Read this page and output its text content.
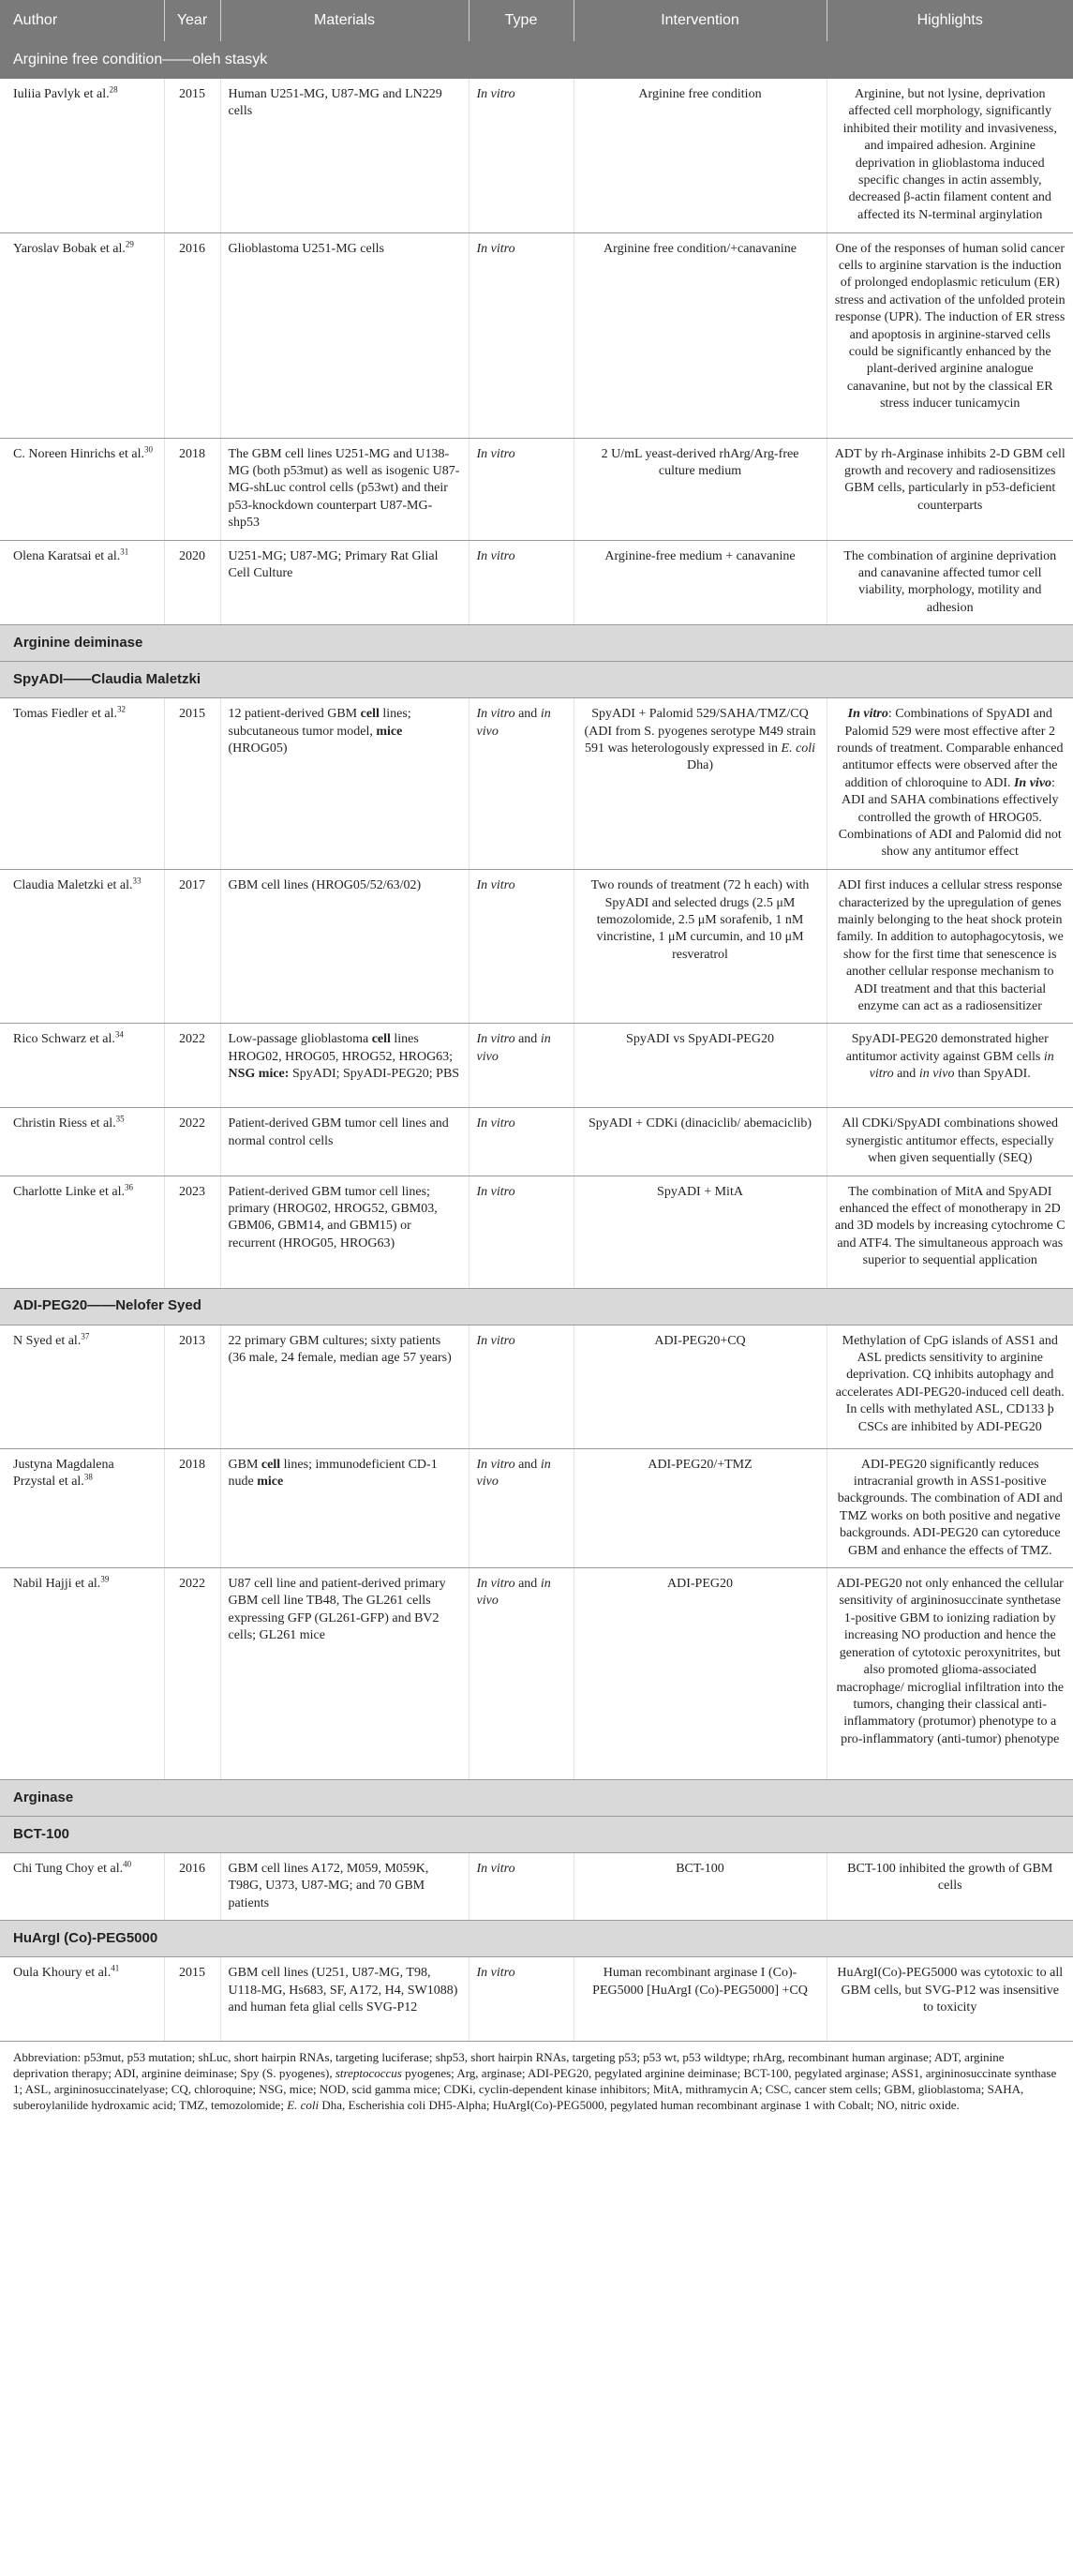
Author	Year	Materials	Type	Intervention	Highlights
Arginine free condition——oleh stasyk					
Iuliia Pavlyk et al.$^{28}$	2015	Human U251-MG, U87-MG and LN229 cells	In vitro	Arginine free condition	Arginine, but not lysine, deprivation affected cell morphology, significantly inhibited their motility and invasiveness, and impaired adhesion. Arginine deprivation in glioblastoma induced specific changes in actin assembly, decreased β-actin filament content and affected its N-terminal arginylation
Yaroslav Bobak et al.$^{29}$	2016	Glioblastoma U251-MG cells	In vitro	Arginine free condition/+canavanine	One of the responses of human solid cancer cells to arginine starvation is the induction of prolonged endoplasmic reticulum (ER) stress and activation of the unfolded protein response (UPR). The induction of ER stress and apoptosis in arginine-starved cells could be significantly enhanced by the plant-derived arginine analogue canavanine, but not by the classical ER stress inducer tunicamycin
C. Noreen Hinrichs et al.$^{30}$	2018	The GBM cell lines U251-MG and U138-MG (both p53mut) as well as isogenic U87-MG-shLuc control cells (p53wt) and their p53-knockdown counterpart U87-MG-shp53	In vitro	2 U/mL yeast-derived rhArg/Arg-free culture medium	ADT by rh-Arginase inhibits 2-D GBM cell growth and recovery and radiosensitizes GBM cells, particularly in p53-deficient counterparts
Olena Karatsai et al.$^{31}$	2020	U251-MG; U87-MG; Primary Rat Glial Cell Culture	In vitro	Arginine-free medium + canavanine	The combination of arginine deprivation and canavanine affected tumor cell viability, morphology, motility and adhesion
Arginine deiminase					
SpyADI——Claudia Maletzki					
Tomas Fiedler et al.$^{32}$	2015	12 patient-derived GBM cell lines; subcutaneous tumor model, mice (HROG05)	In vitro and in vivo	SpyADI + Palomid 529/SAHA/TMZ/CQ (ADI from S. pyogenes serotype M49 strain 591 was heterologously expressed in E. coli Dha)	In vitro: Combinations of SpyADI and Palomid 529 were most effective after 2 rounds of treatment. Comparable enhanced antitumor effects were observed after the addition of chloroquine to ADI. In vivo: ADI and SAHA combinations effectively controlled the growth of HROG05. Combinations of ADI and Palomid did not show any antitumor effect
Claudia Maletzki et al.$^{33}$	2017	GBM cell lines (HROG05/52/63/02)	In vitro	Two rounds of treatment (72 h each) with SpyADI and selected drugs (2.5 μM temozolomide, 2.5 μM sorafenib, 1 nM vincristine, 1 μM curcumin, and 10 μM resveratrol	ADI first induces a cellular stress response characterized by the upregulation of genes mainly belonging to the heat shock protein family. In addition to autophagocytosis, we show for the first time that senescence is another cellular response mechanism to ADI treatment and that this bacterial enzyme can act as a radiosensitizer
Rico Schwarz et al.$^{34}$	2022	Low-passage glioblastoma cell lines HROG02, HROG05, HROG52, HROG63; NSG mice: SpyADI; SpyADI-PEG20; PBS	In vitro and in vivo	SpyADI vs SpyADI-PEG20	SpyADI-PEG20 demonstrated higher antitumor activity against GBM cells in vitro and in vivo than SpyADI.
Christin Riess et al.$^{35}$	2022	Patient-derived GBM tumor cell lines and normal control cells	In vitro	SpyADI + CDKi (dinaciclib/ abemaciclib)	All CDKi/SpyADI combinations showed synergistic antitumor effects, especially when given sequentially (SEQ)
Charlotte Linke et al.$^{36}$	2023	Patient-derived GBM tumor cell lines; primary (HROG02, HROG52, GBM03, GBM06, GBM14, and GBM15) or recurrent (HROG05, HROG63)	In vitro	SpyADI + MitA	The combination of MitA and SpyADI enhanced the effect of monotherapy in 2D and 3D models by increasing cytochrome C and ATF4. The simultaneous approach was superior to sequential application
ADI-PEG20——Nelofer Syed					
N Syed et al.$^{37}$	2013	22 primary GBM cultures; sixty patients (36 male, 24 female, median age 57 years)	In vitro	ADI-PEG20+CQ	Methylation of CpG islands of ASS1 and ASL predicts sensitivity to arginine deprivation. CQ inhibits autophagy and accelerates ADI-PEG20-induced cell death. In cells with methylated ASL, CD133 þ CSCs are inhibited by ADI-PEG20
Justyna Magdalena Przystal et al.$^{38}$	2018	GBM cell lines; immunodeficient CD-1 nude mice	In vitro and in vivo	ADI-PEG20/+TMZ	ADI-PEG20 significantly reduces intracranial growth in ASS1-positive backgrounds. The combination of ADI and TMZ works on both positive and negative backgrounds. ADI-PEG20 can cytoreduce GBM and enhance the effects of TMZ.
Nabil Hajji et al.$^{39}$	2022	U87 cell line and patient-derived primary GBM cell line TB48, The GL261 cells expressing GFP (GL261-GFP) and BV2 cells; GL261 mice	In vitro and in vivo	ADI-PEG20	ADI-PEG20 not only enhanced the cellular sensitivity of argininosuccinate synthetase 1-positive GBM to ionizing radiation by increasing NO production and hence the generation of cytotoxic peroxynitrites, but also promoted glioma-associated macrophage/ microglial infiltration into the tumors, changing their classical anti-inflammatory (protumor) phenotype to a pro-inflammatory (anti-tumor) phenotype
Arginase					
BCT-100					
Chi Tung Choy et al.$^{40}$	2016	GBM cell lines A172, M059, M059K, T98G, U373, U87-MG; and 70 GBM patients	In vitro	BCT-100	BCT-100 inhibited the growth of GBM cells
HuArgI (Co)-PEG5000					
Oula Khoury et al.$^{41}$	2015	GBM cell lines (U251, U87-MG, T98, U118-MG, Hs683, SF, A172, H4, SW1088) and human feta glial cells SVG-P12	In vitro	Human recombinant arginase I (Co)-PEG5000 [HuArgI (Co)-PEG5000] +CQ	HuArgI(Co)-PEG5000 was cytotoxic to all GBM cells, but SVG-P12 was insensitive to toxicity
Abbreviation: p53mut, p53 mutation; shLuc, short hairpin RNAs, targeting luciferase; shp53, short hairpin RNAs, targeting p53; p53 wt, p53 wildtype; rhArg, recombinant human arginase; ADT, arginine deprivation therapy; ADI, arginine deiminase; Spy (S. pyogenes), streptococcus pyogenes; Arg, arginase; ADI-PEG20, pegylated arginine deiminase; BCT-100, pegylated arginase; ASS1, argininosuccinate synthase 1; ASL, argininosuccinatelyase; CQ, chloroquine; NSG, mice; NOD, scid gamma mice; CDKi, cyclin-dependent kinase inhibitors; MitA, mithramycin A; CSC, cancer stem cells; GBM, glioblastoma; SAHA, suberoylanilide hydroxamic acid; TMZ, temozolomide; E. coli Dha, Escherishia coli DH5-Alpha; HuArgI(Co)-PEG5000, pegylated human recombinant arginase 1 with Cobalt; NO, nitric oxide.
